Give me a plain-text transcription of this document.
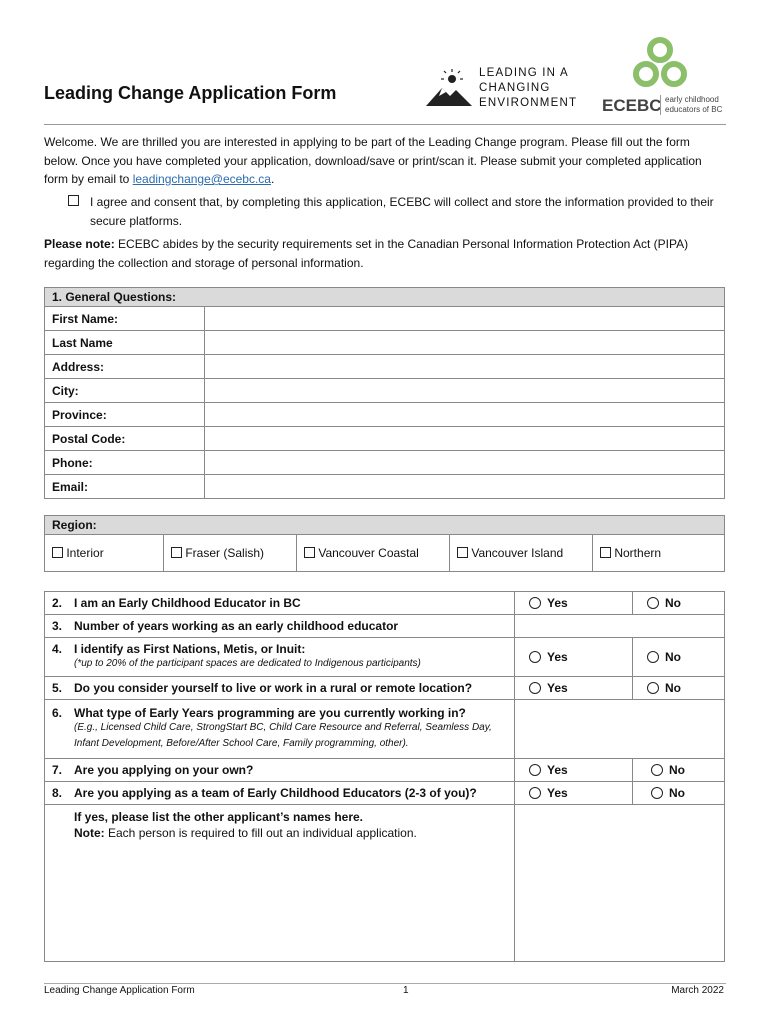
Leading Change Application Form
LEADING IN A
CHANGING
ENVIRONMENT ECEBC early childhood
educators of BC
Welcome. We are thrilled you are interested in applying to be part of the Leading Change program. Please fill out the form below. Once you have completed your application, download/save or print/scan it. Please submit your completed application form by email to leadingchange@ecebc.ca.
I agree and consent that, by completing this application, ECEBC will collect and store the information provided to their secure platforms.
Please note: ECEBC abides by the security requirements set in the Canadian Personal Information Protection Act (PIPA) regarding the collection and storage of personal information.
1. General Questions:	
First Name:	
Last Name	
Address:	
City:	
Province:	
Postal Code:	
Phone:	
Email:	
Region:
Interior	Fraser (Salish)	Vancouver Coastal	Vancouver Island	Northern
2. I am an Early Childhood Educator in BC	Yes	No
3. Number of years working as an early childhood educator		
4. I identify as First Nations, Metis, or Inuit:
(*up to 20% of the participant spaces are dedicated to Indigenous participants)	Yes	No
5. Do you consider yourself to live or work in a rural or remote location?	Yes	No
6. What type of Early Years programming are you currently working in?
(E.g., Licensed Child Care, StrongStart BC, Child Care Resource and Referral, Seamless Day, Infant Development, Before/After School Care, Family programming, other).		

7. Are you applying on your own?	Yes	No
8. Are you applying as a team of Early Childhood Educators (2-3 of you)?	Yes	No

If yes, please list the other applicant’s names here.
Note: Each person is required to fill out an individual application.		

Leading Change Application Form	1	March 2022
